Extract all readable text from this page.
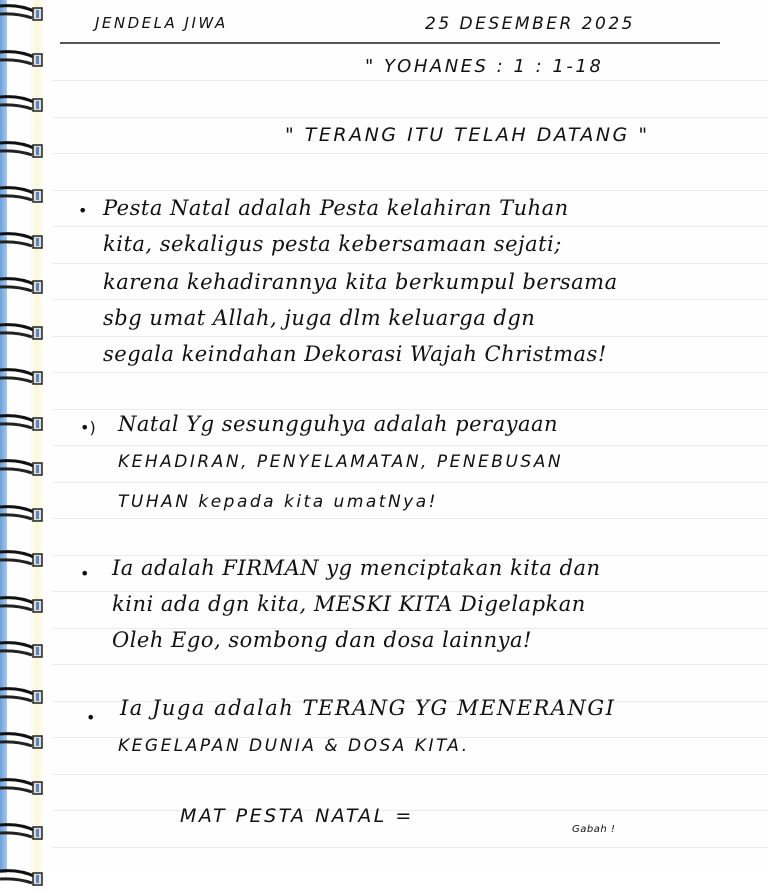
JENDELA JIWA	25 DESEMBER 2025
" YOHANES : 1 : 1-18
" TERANG ITU TELAH DATANG "
• Pesta Natal adalah Pesta kelahiran Tuhan
kita, sekaligus pesta kebersamaan sejati;
karena kehadirannya kita berkumpul bersama
sbg umat Allah, juga dlm keluarga dgn
segala keindahan Dekorasi Wajah Christmas!
•) Natal Yg sesungguhya adalah perayaan
KEHADIRAN, PENYELAMATAN, PENEBUSAN
TUHAN kepada kita umatNya!
• Ia adalah FIRMAN yg menciptakan kita dan
kini ada dgn kita, MESKI KITA Digelapkan
Oleh Ego, sombong dan dosa lainnya!
• Ia Juga adalah TERANG YG MENERANGI
KEGELAPAN DUNIA & DOSA KITA.
MAT PESTA NATAL =
Gabah !
